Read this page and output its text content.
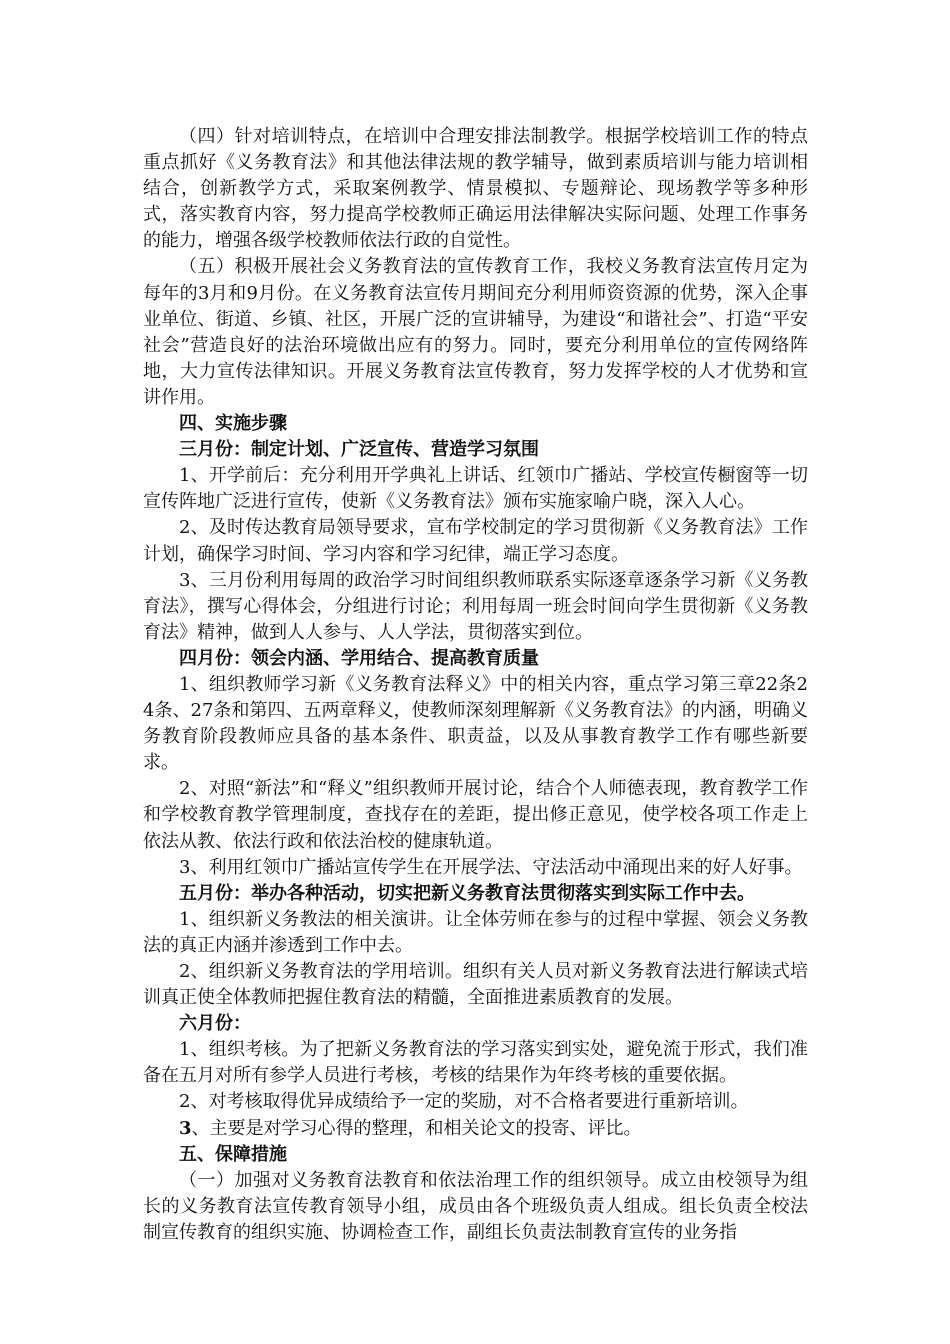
（四）针对培训特点，在培训中合理安排法制教学。根据学校培训工作的特点重点抓好《义务教育法》和其他法律法规的教学辅导，做到素质培训与能力培训相结合，创新教学方式，采取案例教学、情景模拟、专题辩论、现场教学等多种形式，落实教育内容，努力提高学校教师正确运用法律解决实际问题、处理工作事务的能力，增强各级学校教师依法行政的自觉性。

（五）积极开展社会义务教育法的宣传教育工作，我校义务教育法宣传月定为每年的3月和9月份。在义务教育法宣传月期间充分利用师资资源的优势，深入企事业单位、街道、乡镇、社区，开展广泛的宣讲辅导，为建设“和谐社会”、打造“平安社会”营造良好的法治环境做出应有的努力。同时，要充分利用单位的宣传网络阵地，大力宣传法律知识。开展义务教育法宣传教育，努力发挥学校的人才优势和宣讲作用。

四、实施步骤

三月份：制定计划、广泛宣传、营造学习氛围

1、开学前后：充分利用开学典礼上讲话、红领巾广播站、学校宣传橱窗等一切宣传阵地广泛进行宣传，使新《义务教育法》颁布实施家喻户晓，深入人心。

2、及时传达教育局领导要求，宣布学校制定的学习贯彻新《义务教育法》工作计划，确保学习时间、学习内容和学习纪律，端正学习态度。

3、三月份利用每周的政治学习时间组织教师联系实际逐章逐条学习新《义务教育法》，撰写心得体会，分组进行讨论；利用每周一班会时间向学生贯彻新《义务教育法》精神，做到人人参与、人人学法，贯彻落实到位。

四月份：领会内涵、学用结合、提高教育质量

1、组织教师学习新《义务教育法释义》中的相关内容，重点学习第三章22条24条、27条和第四、五两章释义，使教师深刻理解新《义务教育法》的内涵，明确义务教育阶段教师应具备的基本条件、职责益，以及从事教育教学工作有哪些新要求。

2、对照“新法”和“释义”组织教师开展讨论，结合个人师德表现，教育教学工作和学校教育教学管理制度，查找存在的差距，提出修正意见，使学校各项工作走上依法从教、依法行政和依法治校的健康轨道。

3、利用红领巾广播站宣传学生在开展学法、守法活动中涌现出来的好人好事。

五月份：举办各种活动，切实把新义务教育法贯彻落实到实际工作中去。

1、组织新义务教法的相关演讲。让全体劳师在参与的过程中掌握、领会义务教法的真正内涵并渗透到工作中去。

2、组织新义务教育法的学用培训。组织有关人员对新义务教育法进行解读式培训真正使全体教师把握住教育法的精髓，全面推进素质教育的发展。

六月份：

1、组织考核。为了把新义务教育法的学习落实到实处，避免流于形式，我们准备在五月对所有参学人员进行考核，考核的结果作为年终考核的重要依据。

2、对考核取得优异成绩给予一定的奖励，对不合格者要进行重新培训。

3、主要是对学习心得的整理，和相关论文的投寄、评比。

五、保障措施

（一）加强对义务教育法教育和依法治理工作的组织领导。成立由校领导为组长的义务教育法宣传教育领导小组，成员由各个班级负责人组成。组长负责全校法制宣传教育的组织实施、协调检查工作，副组长负责法制教育宣传的业务指
